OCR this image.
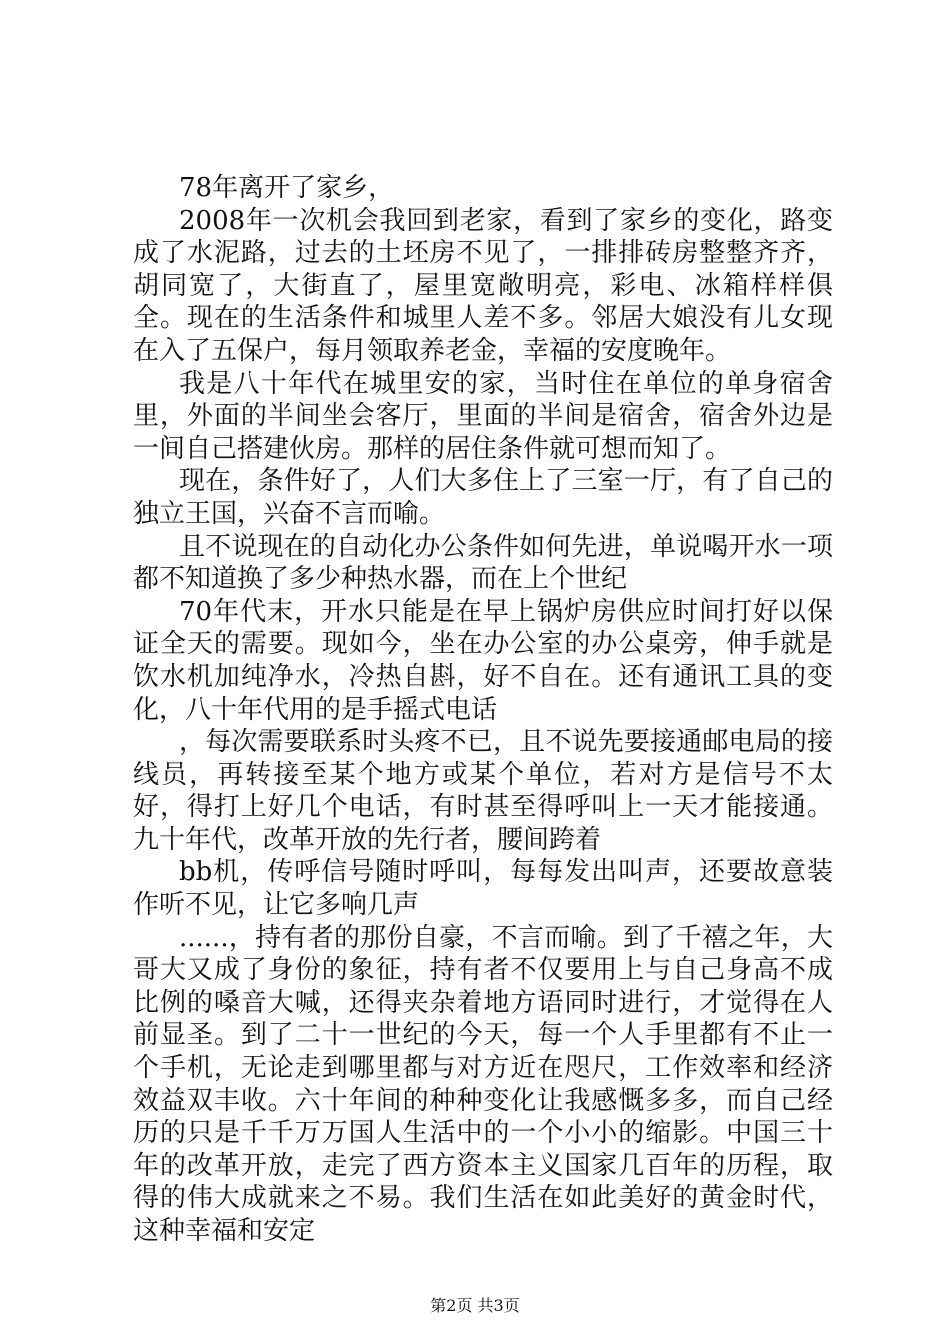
78年离开了家乡，

2008年一次机会我回到老家，看到了家乡的变化，路变成了水泥路，过去的土坯房不见了，一排排砖房整整齐齐，胡同宽了，大街直了，屋里宽敞明亮，彩电、冰箱样样俱全。现在的生活条件和城里人差不多。邻居大娘没有儿女现在入了五保户，每月领取养老金，幸福的安度晚年。

我是八十年代在城里安的家，当时住在单位的单身宿舍里，外面的半间坐会客厅，里面的半间是宿舍，宿舍外边是一间自己搭建伙房。那样的居住条件就可想而知了。

现在，条件好了，人们大多住上了三室一厅，有了自己的独立王国，兴奋不言而喻。

且不说现在的自动化办公条件如何先进，单说喝开水一项都不知道换了多少种热水器，而在上个世纪

70年代末，开水只能是在早上锅炉房供应时间打好以保证全天的需要。现如今，坐在办公室的办公桌旁，伸手就是饮水机加纯净水，冷热自斟，好不自在。还有通讯工具的变化，八十年代用的是手摇式电话

，每次需要联系时头疼不已，且不说先要接通邮电局的接线员，再转接至某个地方或某个单位，若对方是信号不太好，得打上好几个电话，有时甚至得呼叫上一天才能接通。九十年代，改革开放的先行者，腰间跨着

bb机，传呼信号随时呼叫，每每发出叫声，还要故意装作听不见，让它多响几声

......，持有者的那份自豪，不言而喻。到了千禧之年，大哥大又成了身份的象征，持有者不仅要用上与自己身高不成比例的嗓音大喊，还得夹杂着地方语同时进行，才觉得在人前显圣。到了二十一世纪的今天，每一个人手里都有不止一个手机，无论走到哪里都与对方近在咫尺，工作效率和经济效益双丰收。六十年间的种种变化让我感慨多多，而自己经历的只是千千万万国人生活中的一个小小的缩影。中国三十年的改革开放，走完了西方资本主义国家几百年的历程，取得的伟大成就来之不易。我们生活在如此美好的黄金时代，这种幸福和安定

第2页 共3页
